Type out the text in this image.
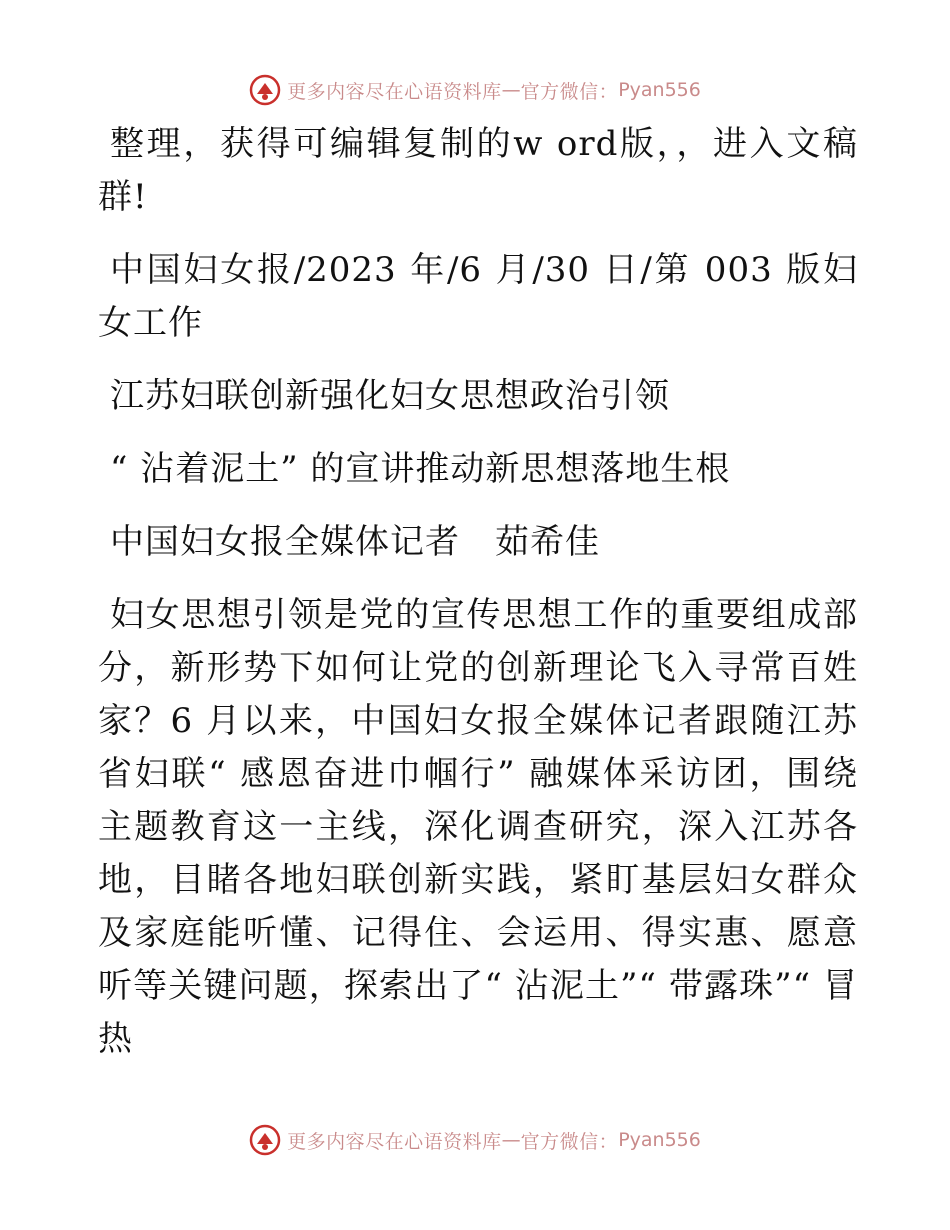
更多内容尽在心语资料库 — 官方微信： Pyan556

整理，获得可编辑复制的w ord版，，进入文稿群!

中国妇女报/2023 年/6 月/30 日/第 003 版妇女工作

江苏妇联创新强化妇女思想政治引领

“ 沾着泥土” 的宣讲推动新思想落地生根

中国妇女报全媒体记者　茹希佳

妇女思想引领是党的宣传思想工作的重要组成部分，新形势下如何让党的创新理论飞入寻常百姓家？6 月以来，中国妇女报全媒体记者跟随江苏省妇联“ 感恩奋进巾帼行” 融媒体采访团，围绕主题教育这一主线，深化调查研究，深入江苏各地，目睹各地妇联创新实践，紧盯基层妇女群众及家庭能听懂、记得住、会运用、得实惠、愿意听等关键问题，探索出了“ 沾泥土”“ 带露珠”“ 冒热

更多内容尽在心语资料库 — 官方微信： Pyan556
